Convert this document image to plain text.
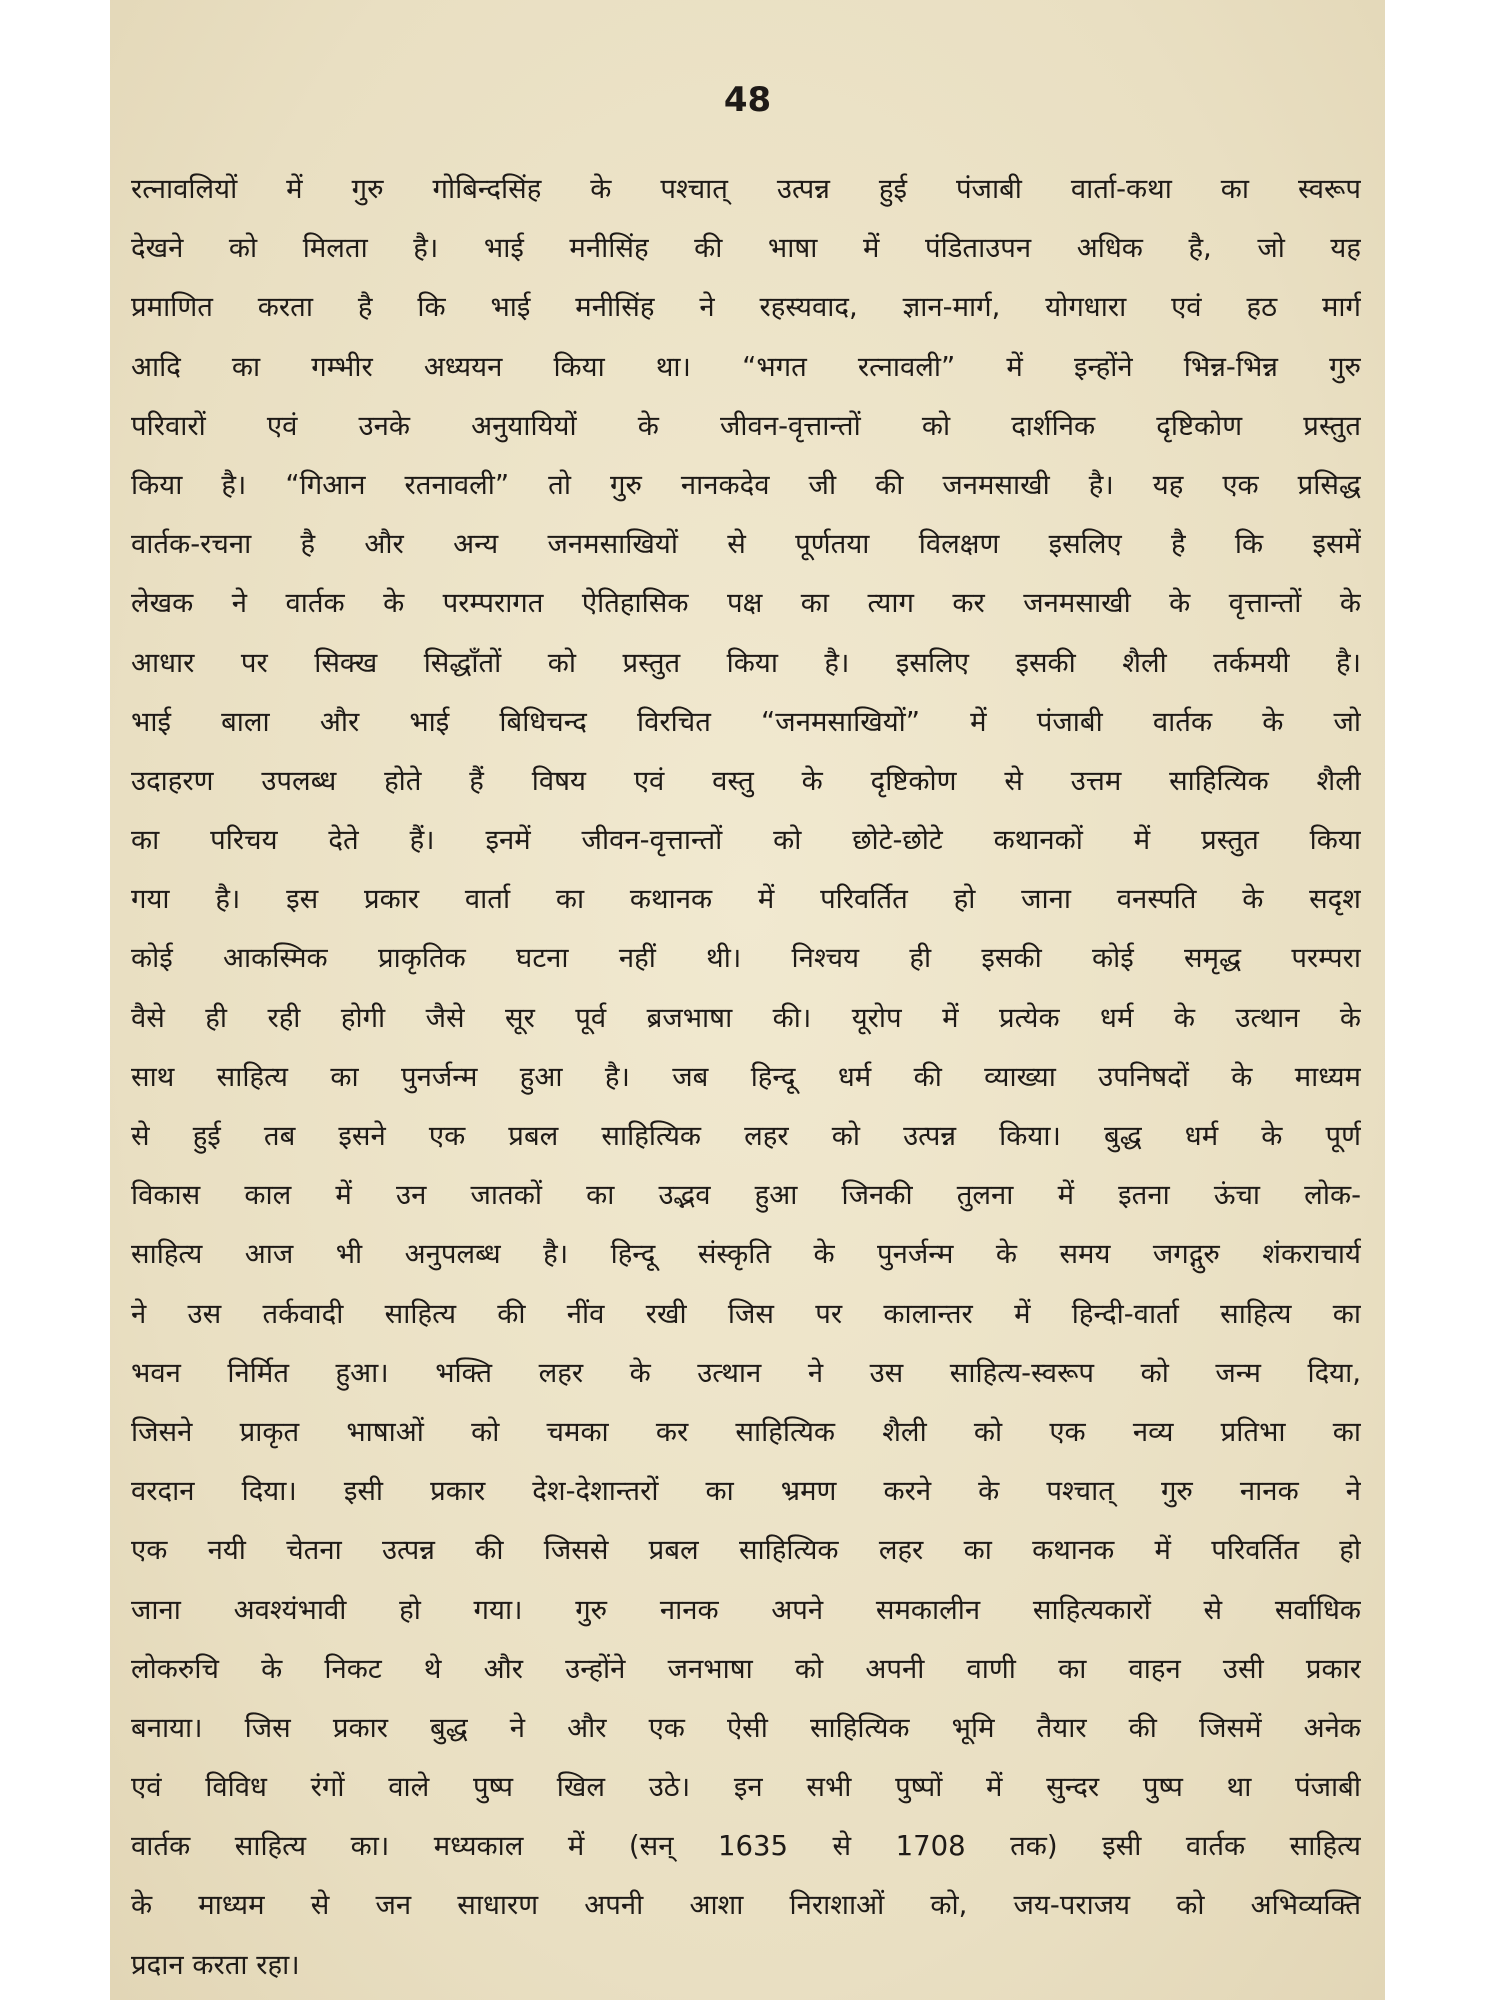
48
रत्नावलियों में गुरु गोबिन्दसिंह के पश्चात् उत्पन्न हुई पंजाबी वार्ता-कथा का स्वरूप
देखने को मिलता है। भाई मनीसिंह की भाषा में पंडिताउपन अधिक है, जो यह
प्रमाणित करता है कि भाई मनीसिंह ने रहस्यवाद, ज्ञान-मार्ग, योगधारा एवं हठ मार्ग
आदि का गम्भीर अध्ययन किया था। “भगत रत्नावली” में इन्होंने भिन्न-भिन्न गुरु
परिवारों एवं उनके अनुयायियों के जीवन-वृत्तान्तों को दार्शनिक दृष्टिकोण प्रस्तुत
किया है। “गिआन रतनावली” तो गुरु नानकदेव जी की जनमसाखी है। यह एक प्रसिद्ध
वार्तक-रचना है और अन्य जनमसाखियों से पूर्णतया विलक्षण इसलिए है कि इसमें
लेखक ने वार्तक के परम्परागत ऐतिहासिक पक्ष का त्याग कर जनमसाखी के वृत्तान्तों के
आधार पर सिक्ख सिद्धाँतों को प्रस्तुत किया है। इसलिए इसकी शैली तर्कमयी है।
भाई बाला और भाई बिधिचन्द विरचित “जनमसाखियों” में पंजाबी वार्तक के जो
उदाहरण उपलब्ध होते हैं विषय एवं वस्तु के दृष्टिकोण से उत्तम साहित्यिक शैली
का परिचय देते हैं। इनमें जीवन-वृत्तान्तों को छोटे-छोटे कथानकों में प्रस्तुत किया
गया है। इस प्रकार वार्ता का कथानक में परिवर्तित हो जाना वनस्पति के सदृश
कोई आकस्मिक प्राकृतिक घटना नहीं थी। निश्चय ही इसकी कोई समृद्ध परम्परा
वैसे ही रही होगी जैसे सूर पूर्व ब्रजभाषा की। यूरोप में प्रत्येक धर्म के उत्थान के
साथ साहित्य का पुनर्जन्म हुआ है। जब हिन्दू धर्म की व्याख्या उपनिषदों के माध्यम
से हुई तब इसने एक प्रबल साहित्यिक लहर को उत्पन्न किया। बुद्ध धर्म के पूर्ण
विकास काल में उन जातकों का उद्भव हुआ जिनकी तुलना में इतना ऊंचा लोक-
साहित्य आज भी अनुपलब्ध है। हिन्दू संस्कृति के पुनर्जन्म के समय जगद्गुरु शंकराचार्य
ने उस तर्कवादी साहित्य की नींव रखी जिस पर कालान्तर में हिन्दी-वार्ता साहित्य का
भवन निर्मित हुआ। भक्ति लहर के उत्थान ने उस साहित्य-स्वरूप को जन्म दिया,
जिसने प्राकृत भाषाओं को चमका कर साहित्यिक शैली को एक नव्य प्रतिभा का
वरदान दिया। इसी प्रकार देश-देशान्तरों का भ्रमण करने के पश्चात् गुरु नानक ने
एक नयी चेतना उत्पन्न की जिससे प्रबल साहित्यिक लहर का कथानक में परिवर्तित हो
जाना अवश्यंभावी हो गया। गुरु नानक अपने समकालीन साहित्यकारों से सर्वाधिक
लोकरुचि के निकट थे और उन्होंने जनभाषा को अपनी वाणी का वाहन उसी प्रकार
बनाया। जिस प्रकार बुद्ध ने और एक ऐसी साहित्यिक भूमि तैयार की जिसमें अनेक
एवं विविध रंगों वाले पुष्प खिल उठे। इन सभी पुष्पों में सुन्दर पुष्प था पंजाबी
वार्तक साहित्य का। मध्यकाल में (सन् 1635 से 1708 तक) इसी वार्तक साहित्य
के माध्यम से जन साधारण अपनी आशा निराशाओं को, जय-पराजय को अभिव्यक्ति
प्रदान करता रहा।
